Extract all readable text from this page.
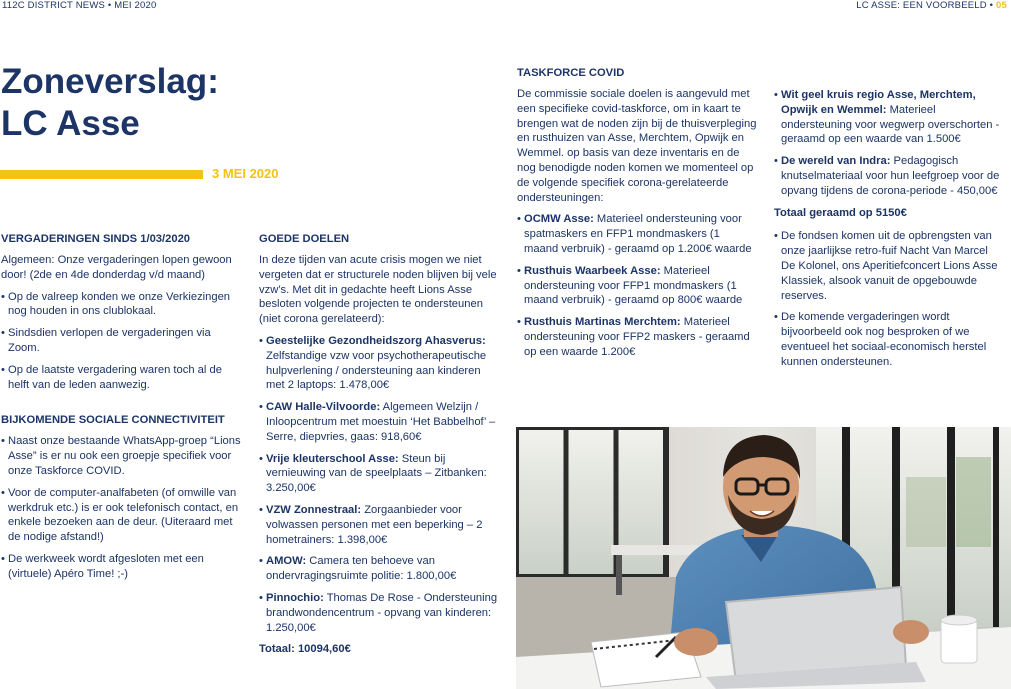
112C DISTRICT NEWS • MEI 2020	LC ASSE: EEN VOORBEELD • 05
Zoneverslag:
LC Asse
3 MEI 2020
VERGADERINGEN SINDS 1/03/2020

Algemeen: Onze vergaderingen lopen gewoon door! (2de en 4de donderdag v/d maand)

• Op de valreep konden we onze Verkiezingen nog houden in ons clublokaal.
• Sindsdien verlopen de vergaderingen via Zoom.
• Op de laatste vergadering waren toch al de helft van de leden aanwezig.
BIJKOMENDE SOCIALE CONNECTIVITEIT
• Naast onze bestaande WhatsApp-groep “Lions Asse” is er nu ook een groepje specifiek voor onze Taskforce COVID.
• Voor de computer-analfabeten (of omwille van werkdruk etc.) is er ook telefonisch contact, en enkele bezoeken aan de deur. (Uiteraard met de nodige afstand!)
• De werkweek wordt afgesloten met een (virtuele) Apéro Time! ;-)
GOEDE DOELEN

In deze tijden van acute crisis mogen we niet vergeten dat er structurele noden blijven bij vele vzw’s. Met dit in gedachte heeft Lions Asse besloten volgende projecten te ondersteunen (niet corona gerelateerd):

• Geestelijke Gezondheidszorg Ahasverus: Zelfstandige vzw voor psychotherapeutische hulpverlening / ondersteuning aan kinderen met 2 laptops: 1.478,00€
• CAW Halle-Vilvoorde: Algemeen Welzijn / Inloopcentrum met moestuin ‘Het Babbelhof’ – Serre, diepvries, gaas: 918,60€
• Vrije kleuterschool Asse: Steun bij vernieuwing van de speelplaats – Zitbanken: 3.250,00€
• VZW Zonnestraal: Zorgaanbieder voor volwassen personen met een beperking – 2 hometrainers: 1.398,00€
• AMOW: Camera ten behoeve van ondervragingsruimte politie: 1.800,00€
• Pinnochio: Thomas De Rose - Ondersteuning brandwondencentrum - opvang van kinderen: 1.250,00€
Totaal: 10094,60€
TASKFORCE COVID

De commissie sociale doelen is aangevuld met een specifieke covid-taskforce, om in kaart te brengen wat de noden zijn bij de thuisverpleging en rusthuizen van Asse, Merchtem, Opwijk en Wemmel. op basis van deze inventaris en de nog benodigde noden komen we momenteel op de volgende specifiek corona-gerelateerde ondersteuningen:

• OCMW Asse: Materieel ondersteuning voor spatmaskers en FFP1 mondmaskers (1 maand verbruik) - geraamd op 1.200€ waarde
• Rusthuis Waarbeek Asse: Materieel ondersteuning voor FFP1 mondmaskers (1 maand verbruik) - geraamd op 800€ waarde
• Rusthuis Martinas Merchtem: Materieel ondersteuning voor FFP2 maskers - geraamd op een waarde 1.200€
• Wit geel kruis regio Asse, Merchtem, Opwijk en Wemmel: Materieel ondersteuning voor wegwerp overschorten - geraamd op een waarde van 1.500€
• De wereld van Indra: Pedagogisch knutselmateriaal voor hun leefgroep voor de opvang tijdens de corona-periode - 450,00€
Totaal geraamd op 5150€
• De fondsen komen uit de opbrengsten van onze jaarlijkse retro-fuif Nacht Van Marcel De Kolonel, ons Aperitiefconcert Lions Asse Klassiek, alsook vanuit de opgebouwde reserves.
• De komende vergaderingen wordt bijvoorbeeld ook nog besproken of we eventueel het sociaal-economisch herstel kunnen ondersteunen.
